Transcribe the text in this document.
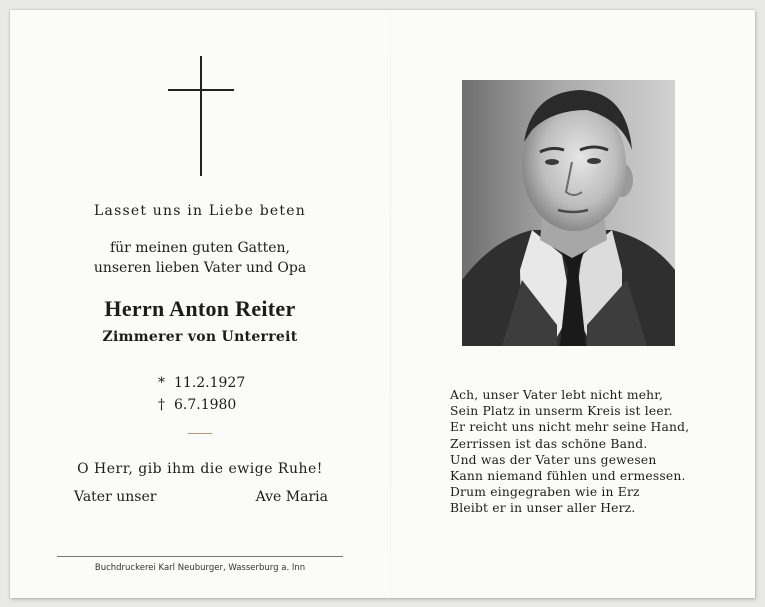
Lasset uns in Liebe beten
für meinen guten Gatten,
unseren lieben Vater und Opa
Herrn Anton Reiter
Zimmerer von Unterreit
* 11.2.1927
† 6.7.1980
O Herr, gib ihm die ewige Ruhe!
Vater unser	Ave Maria
Buchdruckerei Karl Neuburger, Wasserburg a. Inn
Ach, unser Vater lebt nicht mehr,
Sein Platz in unserm Kreis ist leer.
Er reicht uns nicht mehr seine Hand,
Zerrissen ist das schöne Band.
Und was der Vater uns gewesen
Kann niemand fühlen und ermessen.
Drum eingegraben wie in Erz
Bleibt er in unser aller Herz.
